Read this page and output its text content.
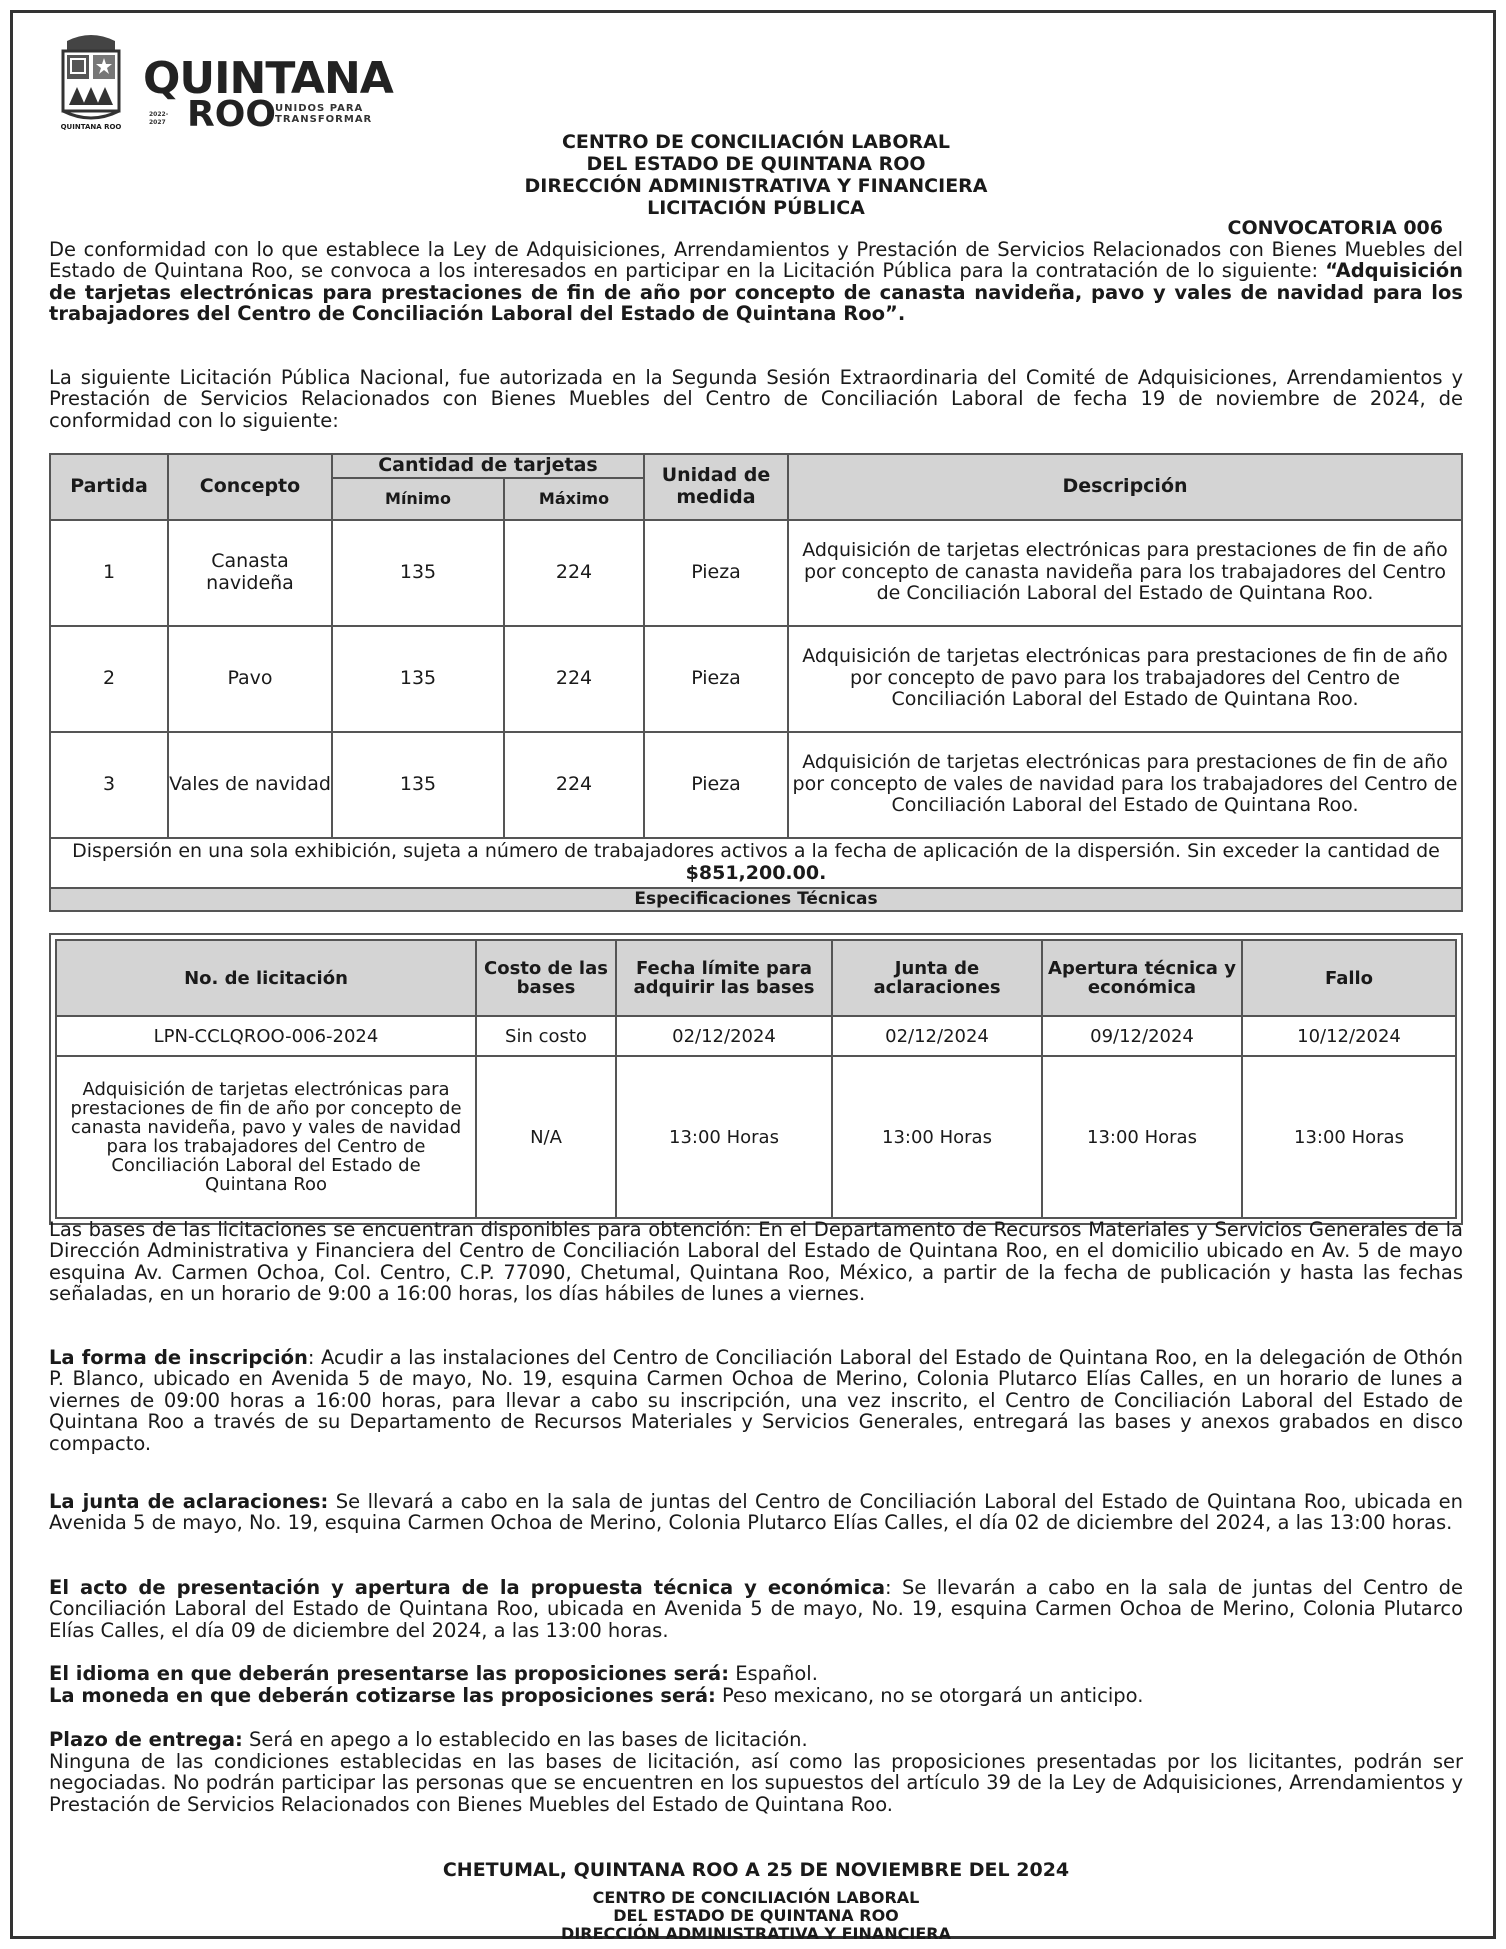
QUINTANA ROO
QUINTANA
2022-2027 ROO UNIDOS PARA
TRANSFORMAR
CENTRO DE CONCILIACIÓN LABORAL
DEL ESTADO DE QUINTANA ROO
DIRECCIÓN ADMINISTRATIVA Y FINANCIERA
LICITACIÓN PÚBLICA
CONVOCATORIA 006
De conformidad con lo que establece la Ley de Adquisiciones, Arrendamientos y Prestación de Servicios Relacionados con Bienes Muebles del Estado de Quintana Roo, se convoca a los interesados en participar en la Licitación Pública para la contratación de lo siguiente: “Adquisición de tarjetas electrónicas para prestaciones de fin de año por concepto de canasta navideña, pavo y vales de navidad para los trabajadores del Centro de Conciliación Laboral del Estado de Quintana Roo”.
La siguiente Licitación Pública Nacional, fue autorizada en la Segunda Sesión Extraordinaria del Comité de Adquisiciones, Arrendamientos y Prestación de Servicios Relacionados con Bienes Muebles del Centro de Conciliación Laboral de fecha 19 de noviembre de 2024, de conformidad con lo siguiente:
Partida	Concepto	Cantidad de tarjetas		Unidad de medida	Descripción
		Mínimo	Máximo		
1	Canasta navideña	135	224	Pieza	Adquisición de tarjetas electrónicas para prestaciones de fin de año por concepto de canasta navideña para los trabajadores del Centro de Conciliación Laboral del Estado de Quintana Roo.
2	Pavo	135	224	Pieza	Adquisición de tarjetas electrónicas para prestaciones de fin de año por concepto de pavo para los trabajadores del Centro de Conciliación Laboral del Estado de Quintana Roo.
3	Vales de navidad	135	224	Pieza	Adquisición de tarjetas electrónicas para prestaciones de fin de año por concepto de vales de navidad para los trabajadores del Centro de Conciliación Laboral del Estado de Quintana Roo.
Dispersión en una sola exhibición, sujeta a número de trabajadores activos a la fecha de aplicación de la dispersión. Sin exceder la cantidad de $851,200.00.					
Especificaciones Técnicas					
No. de licitación	Costo de las bases	Fecha límite para adquirir las bases	Junta de aclaraciones	Apertura técnica y económica	Fallo
LPN-CCLQROO-006-2024	Sin costo	02/12/2024	02/12/2024	09/12/2024	10/12/2024
Adquisición de tarjetas electrónicas para prestaciones de fin de año por concepto de canasta navideña, pavo y vales de navidad para los trabajadores del Centro de Conciliación Laboral del Estado de Quintana Roo	N/A	13:00 Horas	13:00 Horas	13:00 Horas	13:00 Horas
Las bases de las licitaciones se encuentran disponibles para obtención: En el Departamento de Recursos Materiales y Servicios Generales de la Dirección Administrativa y Financiera del Centro de Conciliación Laboral del Estado de Quintana Roo, en el domicilio ubicado en Av. 5 de mayo esquina Av. Carmen Ochoa, Col. Centro, C.P. 77090, Chetumal, Quintana Roo, México, a partir de la fecha de publicación y hasta las fechas señaladas, en un horario de 9:00 a 16:00 horas, los días hábiles de lunes a viernes.
La forma de inscripción: Acudir a las instalaciones del Centro de Conciliación Laboral del Estado de Quintana Roo, en la delegación de Othón P. Blanco, ubicado en Avenida 5 de mayo, No. 19, esquina Carmen Ochoa de Merino, Colonia Plutarco Elías Calles, en un horario de lunes a viernes de 09:00 horas a 16:00 horas, para llevar a cabo su inscripción, una vez inscrito, el Centro de Conciliación Laboral del Estado de Quintana Roo a través de su Departamento de Recursos Materiales y Servicios Generales, entregará las bases y anexos grabados en disco compacto.
La junta de aclaraciones: Se llevará a cabo en la sala de juntas del Centro de Conciliación Laboral del Estado de Quintana Roo, ubicada en Avenida 5 de mayo, No. 19, esquina Carmen Ochoa de Merino, Colonia Plutarco Elías Calles, el día 02 de diciembre del 2024, a las 13:00 horas.
El acto de presentación y apertura de la propuesta técnica y económica: Se llevarán a cabo en la sala de juntas del Centro de Conciliación Laboral del Estado de Quintana Roo, ubicada en Avenida 5 de mayo, No. 19, esquina Carmen Ochoa de Merino, Colonia Plutarco Elías Calles, el día 09 de diciembre del 2024, a las 13:00 horas.
El idioma en que deberán presentarse las proposiciones será: Español.
La moneda en que deberán cotizarse las proposiciones será: Peso mexicano, no se otorgará un anticipo.
Plazo de entrega: Será en apego a lo establecido en las bases de licitación.
Ninguna de las condiciones establecidas en las bases de licitación, así como las proposiciones presentadas por los licitantes, podrán ser negociadas. No podrán participar las personas que se encuentren en los supuestos del artículo 39 de la Ley de Adquisiciones, Arrendamientos y Prestación de Servicios Relacionados con Bienes Muebles del Estado de Quintana Roo.
CHETUMAL, QUINTANA ROO A 25 DE NOVIEMBRE DEL 2024
CENTRO DE CONCILIACIÓN LABORAL
DEL ESTADO DE QUINTANA ROO
DIRECCIÓN ADMINISTRATIVA Y FINANCIERA
